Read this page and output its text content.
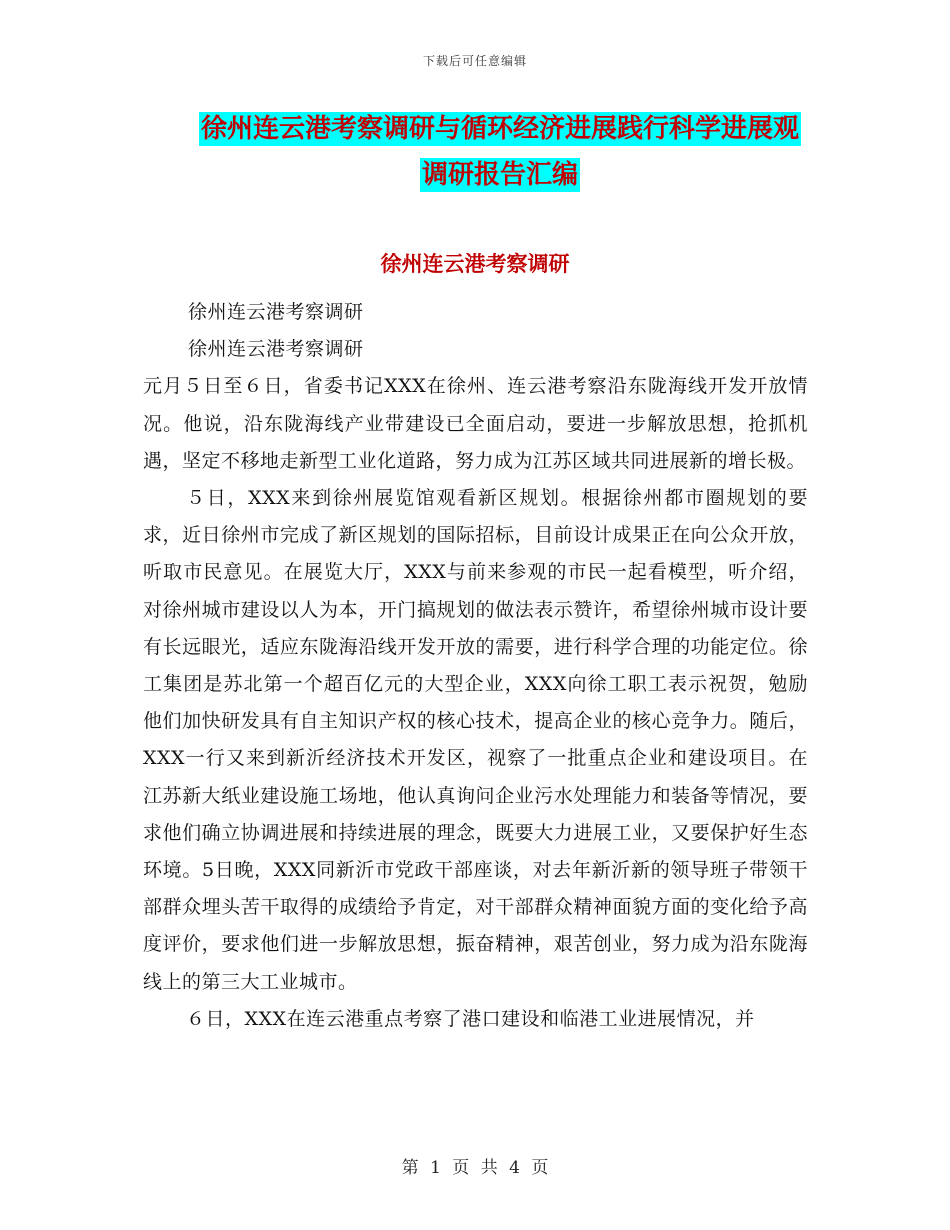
下载后可任意编辑
徐州连云港考察调研与循环经济进展践行科学进展观
调研报告汇编
徐州连云港考察调研

徐州连云港考察调研

徐州连云港考察调研

元月５日至６日，省委书记XXX在徐州、连云港考察沿东陇海线开发开放情况。他说，沿东陇海线产业带建设已全面启动，要进一步解放思想，抢抓机遇，坚定不移地走新型工业化道路，努力成为江苏区域共同进展新的增长极。

５日，XXX来到徐州展览馆观看新区规划。根据徐州都市圈规划的要求，近日徐州市完成了新区规划的国际招标，目前设计成果正在向公众开放，听取市民意见。在展览大厅，XXX与前来参观的市民一起看模型，听介绍，对徐州城市建设以人为本，开门搞规划的做法表示赞许，希望徐州城市设计要有长远眼光，适应东陇海沿线开发开放的需要，进行科学合理的功能定位。徐工集团是苏北第一个超百亿元的大型企业，XXX向徐工职工表示祝贺，勉励他们加快研发具有自主知识产权的核心技术，提高企业的核心竞争力。随后，XXX一行又来到新沂经济技术开发区，视察了一批重点企业和建设项目。在江苏新大纸业建设施工场地，他认真询问企业污水处理能力和装备等情况，要求他们确立协调进展和持续进展的理念，既要大力进展工业，又要保护好生态环境。5日晚，XXX同新沂市党政干部座谈，对去年新沂新的领导班子带领干部群众埋头苦干取得的成绩给予肯定，对干部群众精神面貌方面的变化给予高度评价，要求他们进一步解放思想，振奋精神，艰苦创业，努力成为沿东陇海线上的第三大工业城市。

６日，XXX在连云港重点考察了港口建设和临港工业进展情况，并

第 1 页 共 4 页
